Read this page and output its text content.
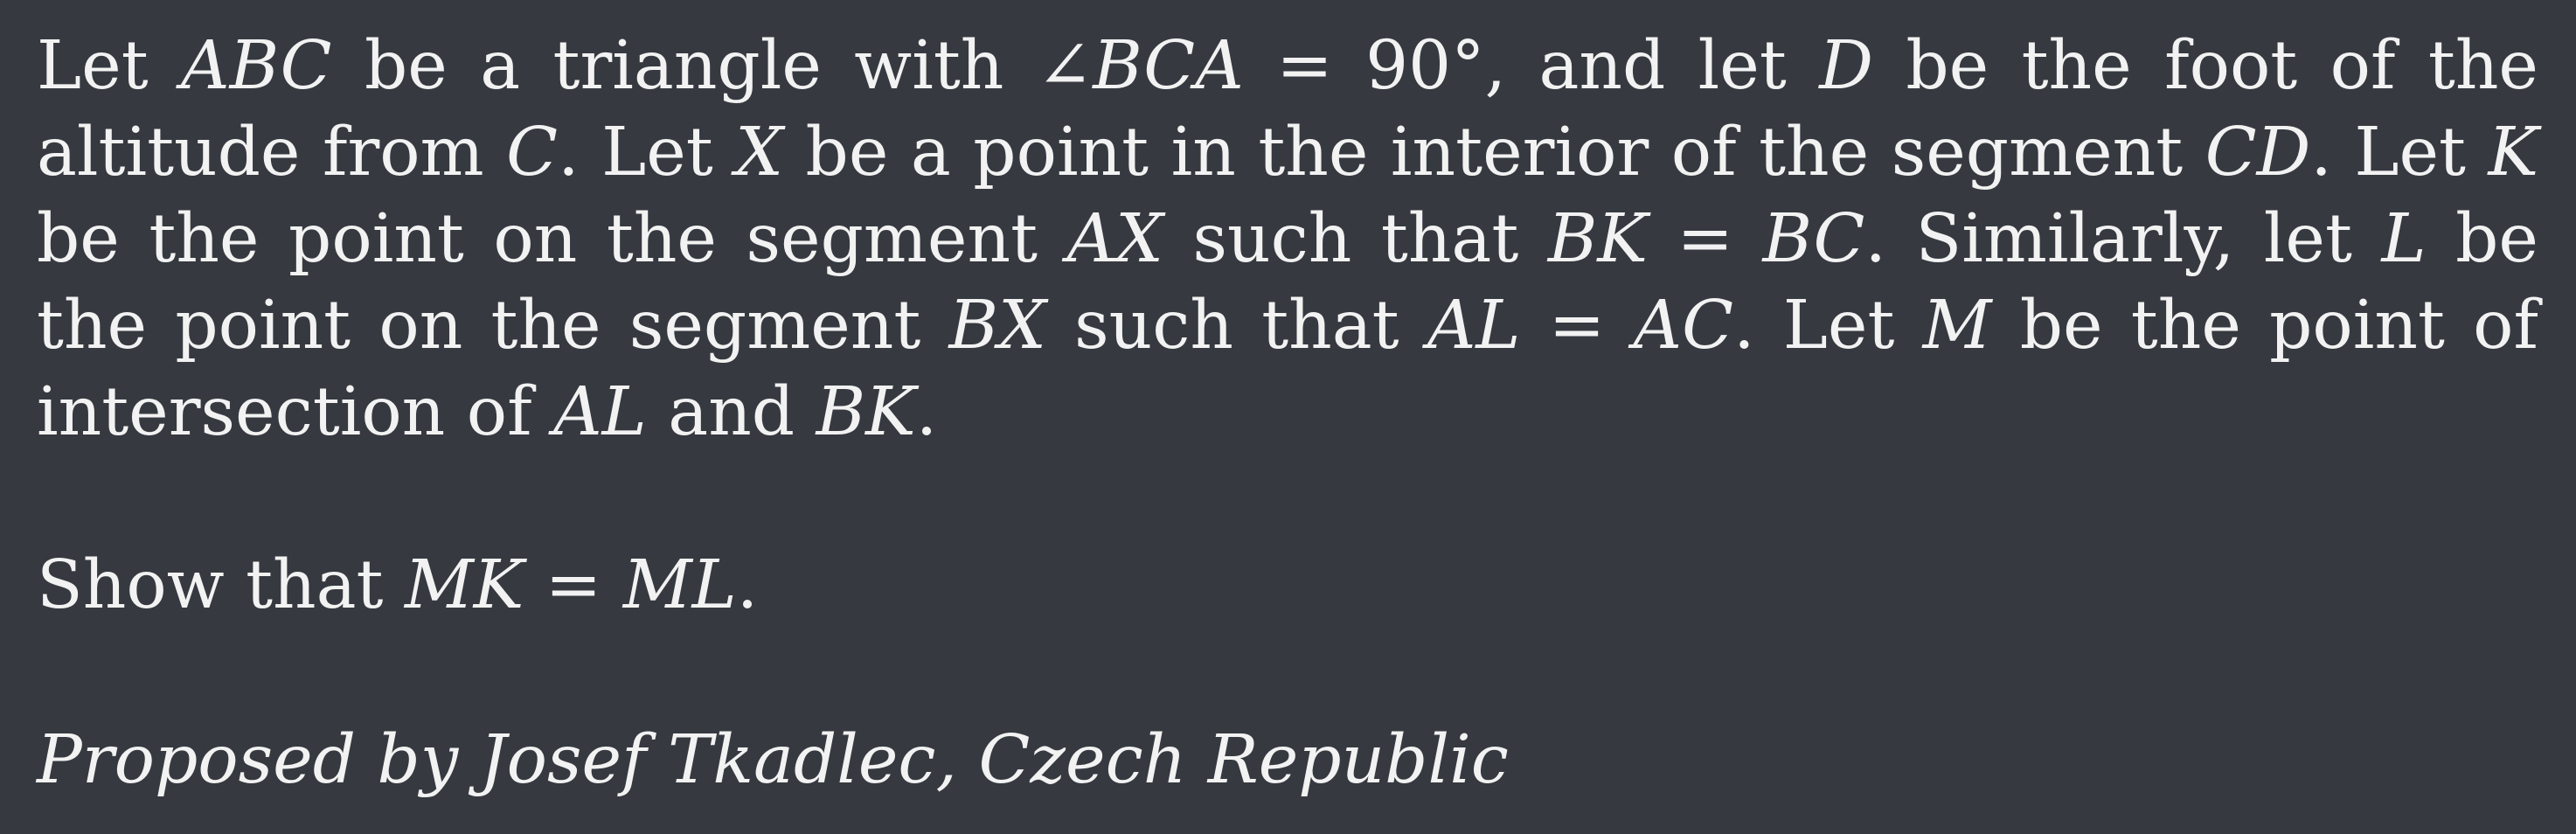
Let ABC be a triangle with ∠BCA = 90°, and let D be the foot of the altitude from C. Let X be a point in the interior of the segment CD. Let K be the point on the segment AX such that BK = BC. Similarly, let L be the point on the segment BX such that AL = AC. Let M be the point of intersection of AL and BK.

Show that MK = ML.

Proposed by Josef Tkadlec, Czech Republic
